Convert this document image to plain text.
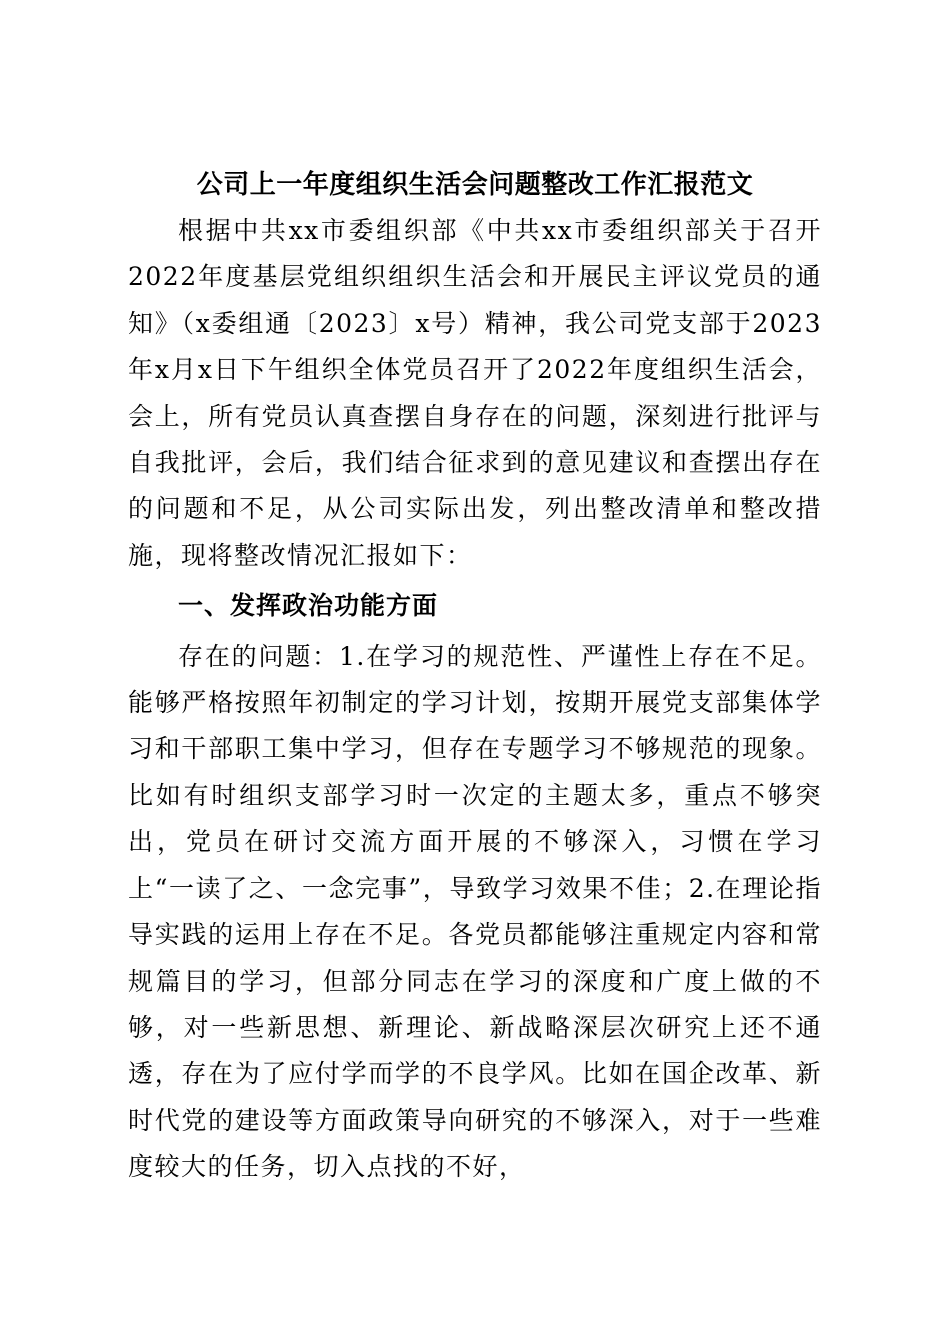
公司上一年度组织生活会问题整改工作汇报范文

根据中共xx市委组织部《中共xx市委组织部关于召开2022年度基层党组织组织生活会和开展民主评议党员的通知》（x委组通〔2023〕x号）精神，我公司党支部于2023年x月x日下午组织全体党员召开了2022年度组织生活会，会上，所有党员认真查摆自身存在的问题，深刻进行批评与自我批评，会后，我们结合征求到的意见建议和查摆出存在的问题和不足，从公司实际出发，列出整改清单和整改措施，现将整改情况汇报如下：

一、发挥政治功能方面

存在的问题：1.在学习的规范性、严谨性上存在不足。能够严格按照年初制定的学习计划，按期开展党支部集体学习和干部职工集中学习，但存在专题学习不够规范的现象。比如有时组织支部学习时一次定的主题太多，重点不够突出，党员在研讨交流方面开展的不够深入，习惯在学习上“一读了之、一念完事”，导致学习效果不佳；2.在理论指导实践的运用上存在不足。各党员都能够注重规定内容和常规篇目的学习，但部分同志在学习的深度和广度上做的不够，对一些新思想、新理论、新战略深层次研究上还不通透，存在为了应付学而学的不良学风。比如在国企改革、新时代党的建设等方面政策导向研究的不够深入，对于一些难度较大的任务，切入点找的不好，
